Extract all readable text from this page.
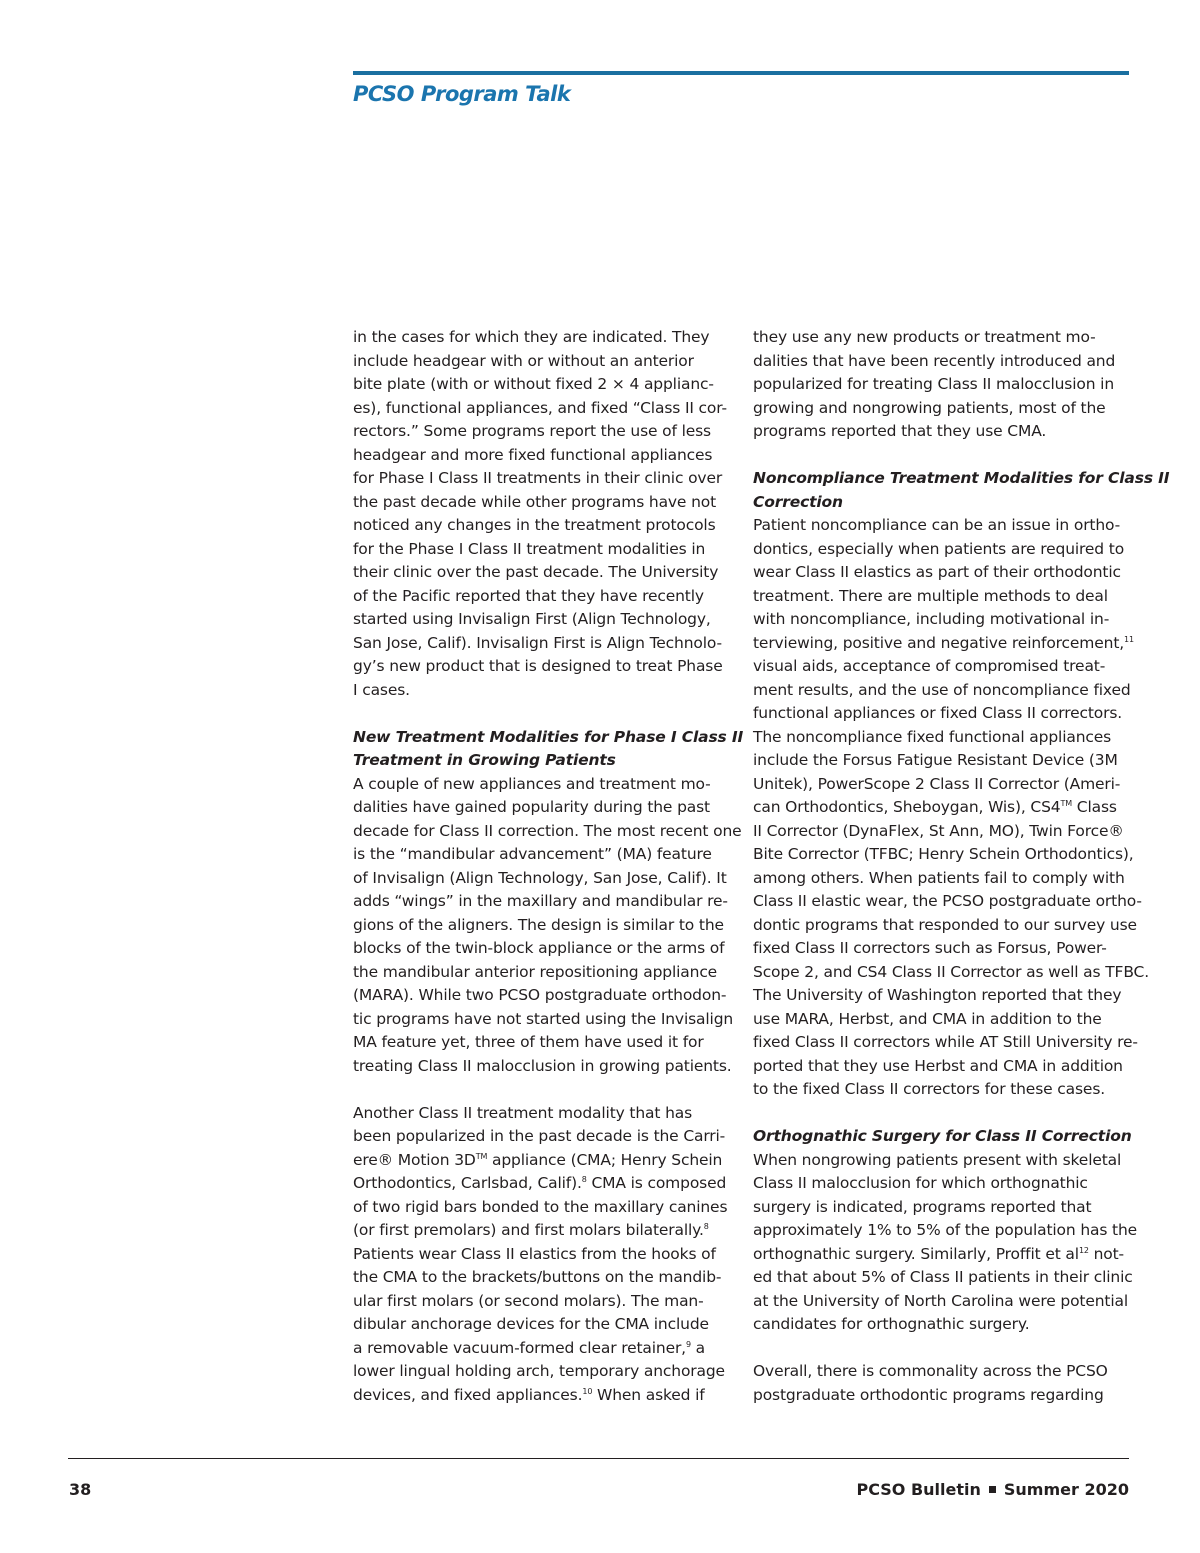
PCSO Program Talk

in the cases for which they are indicated. They
include headgear with or without an anterior
bite plate (with or without fixed 2 × 4 applianc-
es), functional appliances, and fixed “Class II cor-
rectors.” Some programs report the use of less
headgear and more fixed functional appliances
for Phase I Class II treatments in their clinic over
the past decade while other programs have not
noticed any changes in the treatment protocols
for the Phase I Class II treatment modalities in
their clinic over the past decade. The University
of the Pacific reported that they have recently
started using Invisalign First (Align Technology,
San Jose, Calif). Invisalign First is Align Technolo-
gy’s new product that is designed to treat Phase
I cases.

New Treatment Modalities for Phase I Class II
Treatment in Growing Patients

A couple of new appliances and treatment mo-
dalities have gained popularity during the past
decade for Class II correction. The most recent one
is the “mandibular advancement” (MA) feature
of Invisalign (Align Technology, San Jose, Calif). It
adds “wings” in the maxillary and mandibular re-
gions of the aligners. The design is similar to the
blocks of the twin-block appliance or the arms of
the mandibular anterior repositioning appliance
(MARA). While two PCSO postgraduate orthodon-
tic programs have not started using the Invisalign
MA feature yet, three of them have used it for
treating Class II malocclusion in growing patients.

Another Class II treatment modality that has
been popularized in the past decade is the Carri-
ere® Motion 3D™ appliance (CMA; Henry Schein
Orthodontics, Carlsbad, Calif).$^8$ CMA is composed
of two rigid bars bonded to the maxillary canines
(or first premolars) and first molars bilaterally.$^8$
Patients wear Class II elastics from the hooks of
the CMA to the brackets/buttons on the mandib-
ular first molars (or second molars). The man-
dibular anchorage devices for the CMA include
a removable vacuum-formed clear retainer,$^9$ a
lower lingual holding arch, temporary anchorage
devices, and fixed appliances.$^{10}$ When asked if

they use any new products or treatment mo-
dalities that have been recently introduced and
popularized for treating Class II malocclusion in
growing and nongrowing patients, most of the
programs reported that they use CMA.

Noncompliance Treatment Modalities for Class II
Correction

Patient noncompliance can be an issue in ortho-
dontics, especially when patients are required to
wear Class II elastics as part of their orthodontic
treatment. There are multiple methods to deal
with noncompliance, including motivational in-
terviewing, positive and negative reinforcement,$^{11}$
visual aids, acceptance of compromised treat-
ment results, and the use of noncompliance fixed
functional appliances or fixed Class II correctors.
The noncompliance fixed functional appliances
include the Forsus Fatigue Resistant Device (3M
Unitek), PowerScope 2 Class II Corrector (Ameri-
can Orthodontics, Sheboygan, Wis), CS4™ Class
II Corrector (DynaFlex, St Ann, MO), Twin Force®
Bite Corrector (TFBC; Henry Schein Orthodontics),
among others. When patients fail to comply with
Class II elastic wear, the PCSO postgraduate ortho-
dontic programs that responded to our survey use
fixed Class II correctors such as Forsus, Power-
Scope 2, and CS4 Class II Corrector as well as TFBC.
The University of Washington reported that they
use MARA, Herbst, and CMA in addition to the
fixed Class II correctors while AT Still University re-
ported that they use Herbst and CMA in addition
to the fixed Class II correctors for these cases.

Orthognathic Surgery for Class II Correction

When nongrowing patients present with skeletal
Class II malocclusion for which orthognathic
surgery is indicated, programs reported that
approximately 1% to 5% of the population has the
orthognathic surgery. Similarly, Proffit et $al^{12}$ not-
ed that about 5% of Class II patients in their clinic
at the University of North Carolina were potential
candidates for orthognathic surgery.

Overall, there is commonality across the PCSO
postgraduate orthodontic programs regarding

38	PCSO Bulletin Summer 2020
